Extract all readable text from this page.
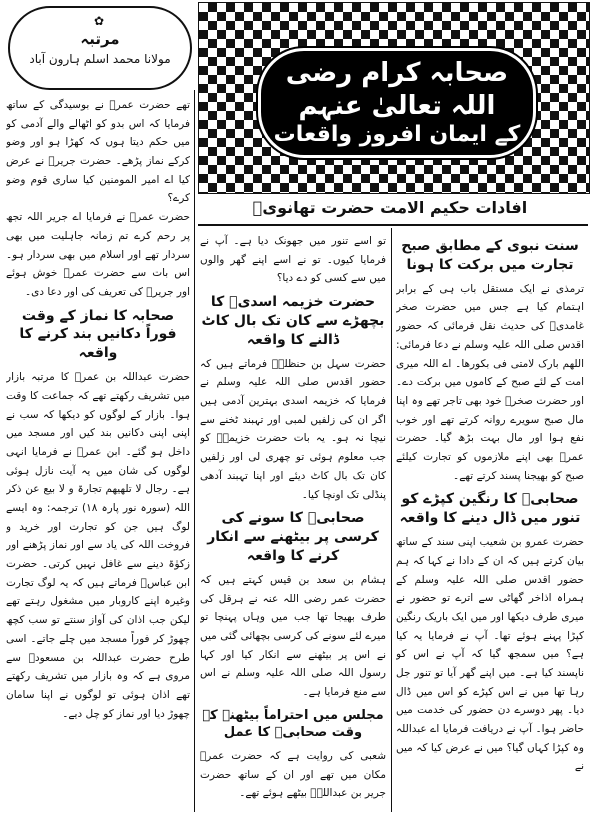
✿
مرتبہ
مولانا محمد اسلم ہارون آباد	صحابہ کرام رضی اللہ تعالیٰ عنہم
کے ایمان افروز واقعات
افادات حکیم الامت حضرت تھانویؒ

تھے حضرت عمرؓ نے بوسیدگی کے ساتھ فرمایا کہ اس بدو کو اٹھالے والے آدمی کو میں حکم دیتا ہوں کہ کھڑا ہو اور وضو کرکے نماز پڑھے۔ حضرت جریرؓ نے عرض کیا اے امیر المومنین کیا ساری قوم وضو کرے؟

حضرت عمرؓ نے فرمایا اے جریر اللہ تجھ پر رحم کرے تم زمانہ جاہلیت میں بھی سردار تھے اور اسلام میں بھی سردار ہو۔ اس بات سے حضرت عمرؓ خوش ہوئے اور جریرؓ کی تعریف کی اور دعا دی۔

صحابہ کا نماز کے وقت فوراً دکانیں بند کرنے کا واقعہ

حضرت عبداللہ بن عمرؓ کا مرتبہ بازار میں تشریف رکھتے تھے کہ جماعت کا وقت ہوا۔ بازار کے لوگوں کو دیکھا کہ سب نے اپنی اپنی دکانیں بند کیں اور مسجد میں داخل ہو گئے۔ ابن عمرؓ نے فرمایا انہی لوگوں کی شان میں یہ آیت نازل ہوئی ہے۔ رجال لا تلھیھم تجارۃ و لا بیع عن ذکر اللہ (سورہ نور پارہ ۱۸) ترجمہ: وہ ایسے لوگ ہیں جن کو تجارت اور خرید و فروخت اللہ کی یاد سے اور نماز پڑھنے اور زکوٰۃ دینے سے غافل نہیں کرتی۔ حضرت ابن عباسؓ فرماتے ہیں کہ یہ لوگ تجارت وغیرہ اپنے کاروبار میں مشغول رہتے تھے لیکن جب اذان کی آواز سنتے تو سب کچھ چھوڑ کر فوراً مسجد میں چلے جاتے۔ اسی طرح حضرت عبداللہ بن مسعودؓ سے مروی ہے کہ وہ بازار میں تشریف رکھتے تھے اذان ہوئی تو لوگوں نے اپنا سامان چھوڑ دیا اور نماز کو چل دیے۔

تو اسے تنور میں جھونک دیا ہے۔ آپ نے فرمایا کیوں۔ تو نے اسے اپنے گھر والوں میں سے کسی کو دے دیا؟

حضرت خزیمہ اسدیؓ کا بچھڑے سے کان تک بال کاٹ ڈالنے کا واقعہ

حضرت سہل بن حنظلہؓ فرماتے ہیں کہ حضور اقدس صلی اللہ علیہ وسلم نے فرمایا کہ خزیمہ اسدی بہترین آدمی ہیں اگر ان کی زلفیں لمبی اور تہبند ٹخنے سے نیچا نہ ہو۔ یہ بات حضرت خزیمہؓ کو جب معلوم ہوئی تو چھری لی اور زلفیں کان تک بال کاٹ دیئے اور اپنا تہبند آدھی پنڈلی تک اونچا کیا۔

صحابیؓ کا سونے کی کرسی پر بیٹھنے سے انکار کرنے کا واقعہ

ہشام بن سعد بن قیس کہتے ہیں کہ حضرت عمر رضی اللہ عنہ نے ہرقل کی طرف بھیجا تھا جب میں وہاں پہنچا تو میرے لئے سونے کی کرسی بچھائی گئی میں نے اس پر بیٹھنے سے انکار کیا اور کہا رسول اللہ صلی اللہ علیہ وسلم نے اس سے منع فرمایا ہے۔

مجلس میں احتراماً بیٹھنے کے وقت صحابیؓ کا عمل

شعبی کی روایت ہے کہ حضرت عمرؓ مکان میں تھے اور ان کے ساتھ حضرت جریر بن عبداللہؓ بیٹھے ہوئے تھے۔

سنت نبوی کے مطابق صبح تجارت میں برکت کا ہونا

ترمذی نے ایک مستقل باب ہی کے برابر اہتمام کیا ہے جس میں حضرت صخر غامدیؓ کی حدیث نقل فرمائی کہ حضور اقدس صلی اللہ علیہ وسلم نے دعا فرمائی: اللھم بارک لامتی فی بکورھا۔ اے اللہ میری امت کے لئے صبح کے کاموں میں برکت دے۔ اور حضرت صخرؓ خود بھی تاجر تھے وہ اپنا مال صبح سویرے روانہ کرتے تھے اور خوب نفع ہوا اور مال بہت بڑھ گیا۔ حضرت عمرؓ بھی اپنے ملازموں کو تجارت کیلئے صبح کو بھیجنا پسند کرتے تھے۔

صحابیؓ کا رنگین کپڑے کو تنور میں ڈال دینے کا واقعہ

حضرت عمرو بن شعیب اپنی سند کے ساتھ بیان کرتے ہیں کہ ان کے دادا نے کہا کہ ہم حضور اقدس صلی اللہ علیہ وسلم کے ہمراہ اذاخر گھاٹی سے اترے تو حضور نے میری طرف دیکھا اور میں ایک باریک رنگین کپڑا پہنے ہوئے تھا۔ آپ نے فرمایا یہ کیا ہے؟ میں سمجھ گیا کہ آپ نے اس کو ناپسند کیا ہے۔ میں اپنے گھر آیا تو تنور جل رہا تھا میں نے اس کپڑے کو اس میں ڈال دیا۔ پھر دوسرے دن حضور کی خدمت میں حاضر ہوا۔ آپ نے دریافت فرمایا اے عبداللہ وہ کپڑا کہاں گیا؟ میں نے عرض کیا کہ میں نے
